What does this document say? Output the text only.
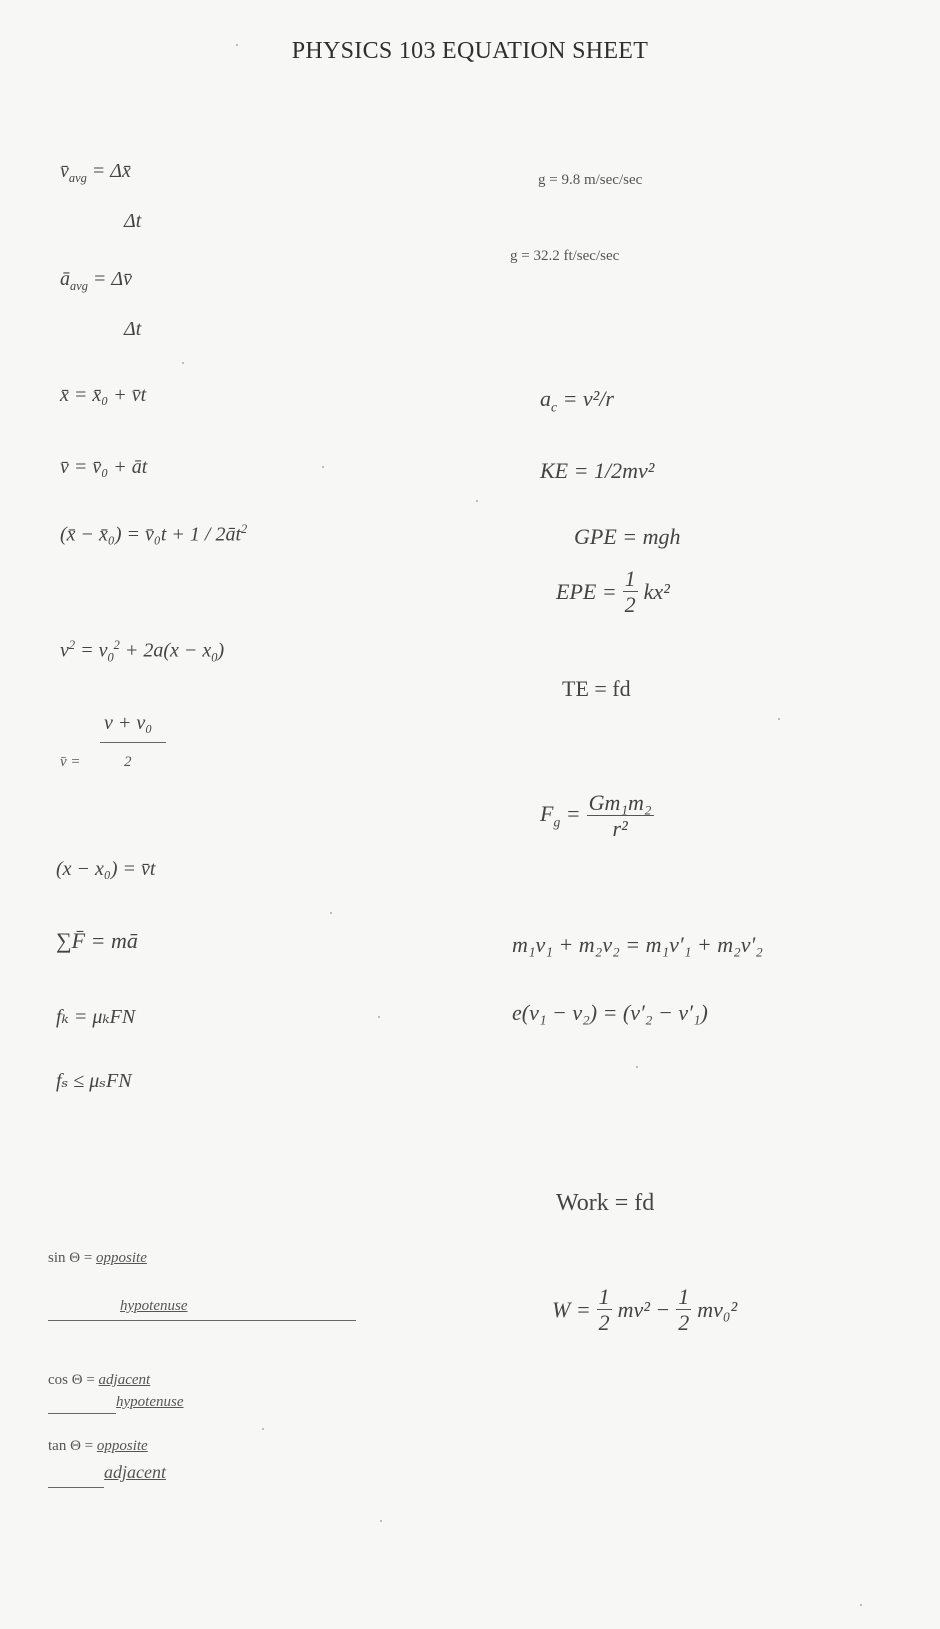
PHYSICS 103 EQUATION SHEET
$v̄_{avg}$ = Δx̄
Δt
$ā_{avg}$ = Δv̄
Δt
x̄ = x̄₀ + v̄t
v̄ = v̄₀ + āt
(x̄ − x̄₀) = v̄₀t + $1 / 2āt^2$
$v^2 = v_0^2 + 2a(x - x_0)$
v + v₀
v̄ =	2
(x − x₀) = v̄t
∑F̄ = mā
fₖ = μₖFN
fₛ ≤ μₛFN
sin Θ = opposite
hypotenuse
cos Θ = adjacent
hypotenuse
tan Θ = opposite
adjacent
g = 9.8 m/sec/sec
g = 32.2 ft/sec/sec
$a_c = v^2/r$
KE = 1/2mv²
GPE = mgh
EPE = $\frac{1}{2} kx^2$
TE = fd
$F_g = \frac{\text{Gm₁m₂}}{\text{r²}}$
m₁v₁ + m₂v₂ = m₁v′₁ + m₂v′₂
e(v₁ − v₂) = (v′₂ − v′₁)
Work = fd
$W = \frac{1}{2} mv^2 - \frac{1}{2} mv_0^2$
